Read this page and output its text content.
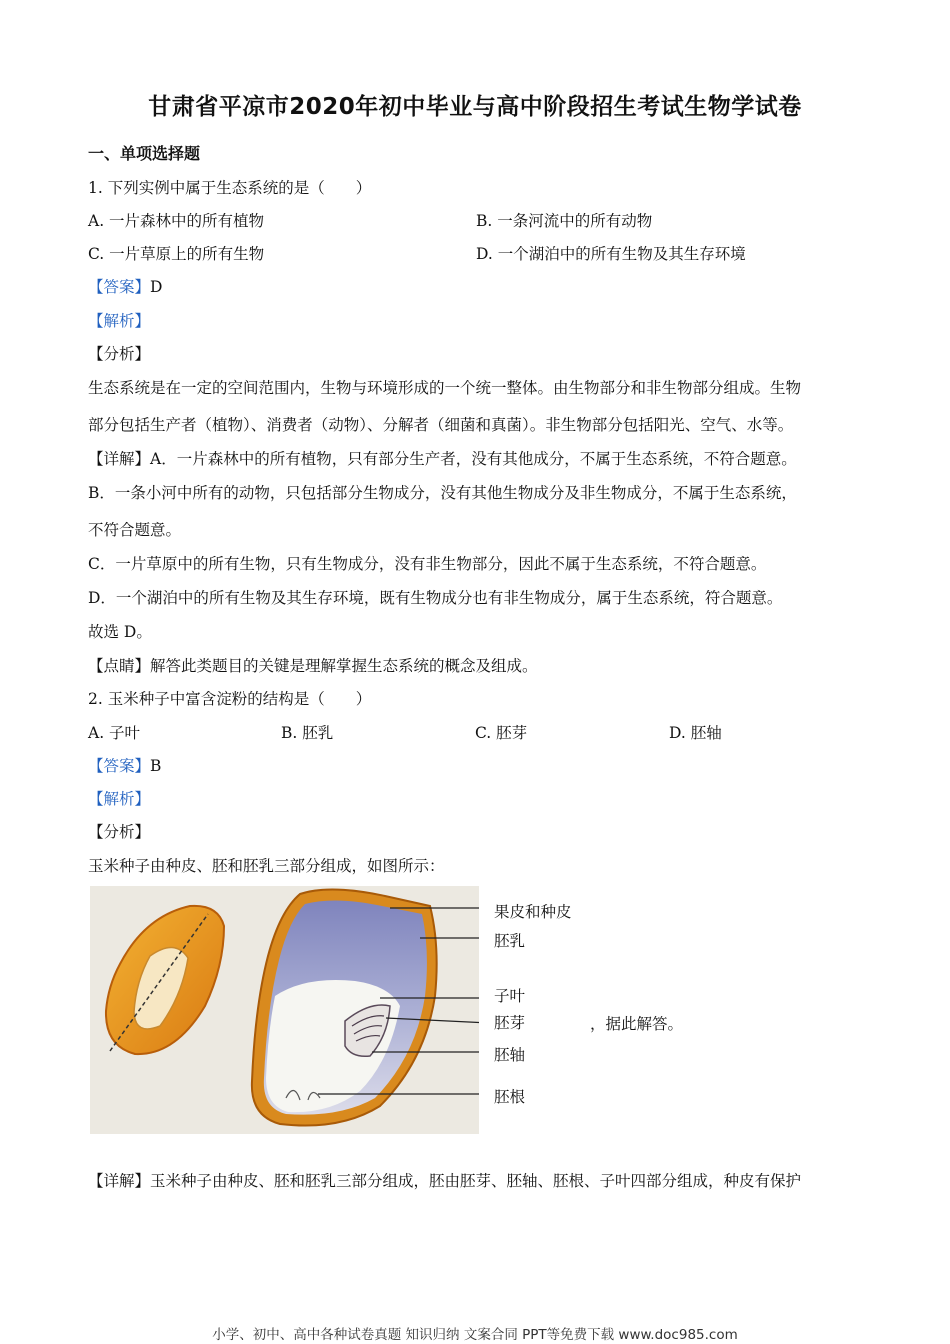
甘肃省平凉市2020年初中毕业与高中阶段招生考试生物学试卷
一、单项选择题
1. 下列实例中属于生态系统的是（　　）
A. 一片森林中的所有植物	B. 一条河流中的所有动物
C. 一片草原上的所有生物	D. 一个湖泊中的所有生物及其生存环境
【答案】D
【解析】
【分析】
生态系统是在一定的空间范围内，生物与环境形成的一个统一整体。由生物部分和非生物部分组成。生物
部分包括生产者（植物）、消费者（动物）、分解者（细菌和真菌）。非生物部分包括阳光、空气、水等。
【详解】A．一片森林中的所有植物，只有部分生产者，没有其他成分，不属于生态系统，不符合题意。
B．一条小河中所有的动物，只包括部分生物成分，没有其他生物成分及非生物成分，不属于生态系统，
不符合题意。
C．一片草原中的所有生物，只有生物成分，没有非生物部分，因此不属于生态系统，不符合题意。
D．一个湖泊中的所有生物及其生存环境，既有生物成分也有非生物成分，属于生态系统，符合题意。
故选 D。
【点睛】解答此类题目的关键是理解掌握生态系统的概念及组成。
2. 玉米种子中富含淀粉的结构是（　　）
A. 子叶	B. 胚乳	C. 胚芽	D. 胚轴
【答案】B
【解析】
【分析】
玉米种子由种皮、胚和胚乳三部分组成，如图所示：
果皮和种皮
胚乳
子叶
胚芽
胚轴
胚根
，据此解答。
【详解】玉米种子由种皮、胚和胚乳三部分组成，胚由胚芽、胚轴、胚根、子叶四部分组成，种皮有保护
小学、初中、高中各种试卷真题 知识归纳 文案合同 PPT等免费下载 www.doc985.com
